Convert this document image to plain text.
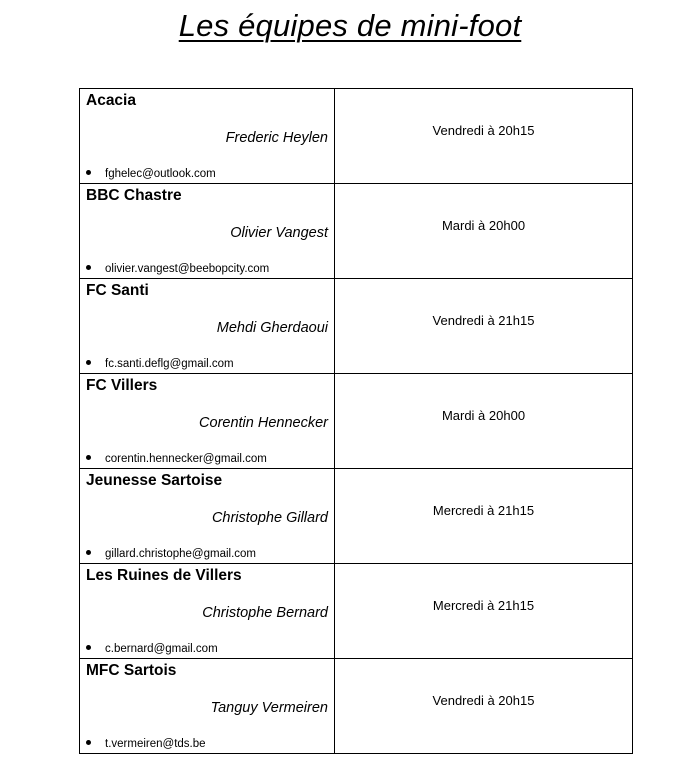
Les équipes de mini-foot
Acacia
Frederic Heylen
fghelec@outlook.com	Vendredi à 20h15

BBC Chastre
Olivier Vangest
olivier.vangest@beebopcity.com	Mardi à 20h00

FC Santi
Mehdi Gherdaoui
fc.santi.deflg@gmail.com	Vendredi à 21h15

FC Villers
Corentin Hennecker
corentin.hennecker@gmail.com	Mardi à 20h00

Jeunesse Sartoise
Christophe Gillard
gillard.christophe@gmail.com	Mercredi à 21h15

Les Ruines de Villers
Christophe Bernard
c.bernard@gmail.com	Mercredi à 21h15

MFC Sartois
Tanguy Vermeiren
t.vermeiren@tds.be	Vendredi à 20h15
